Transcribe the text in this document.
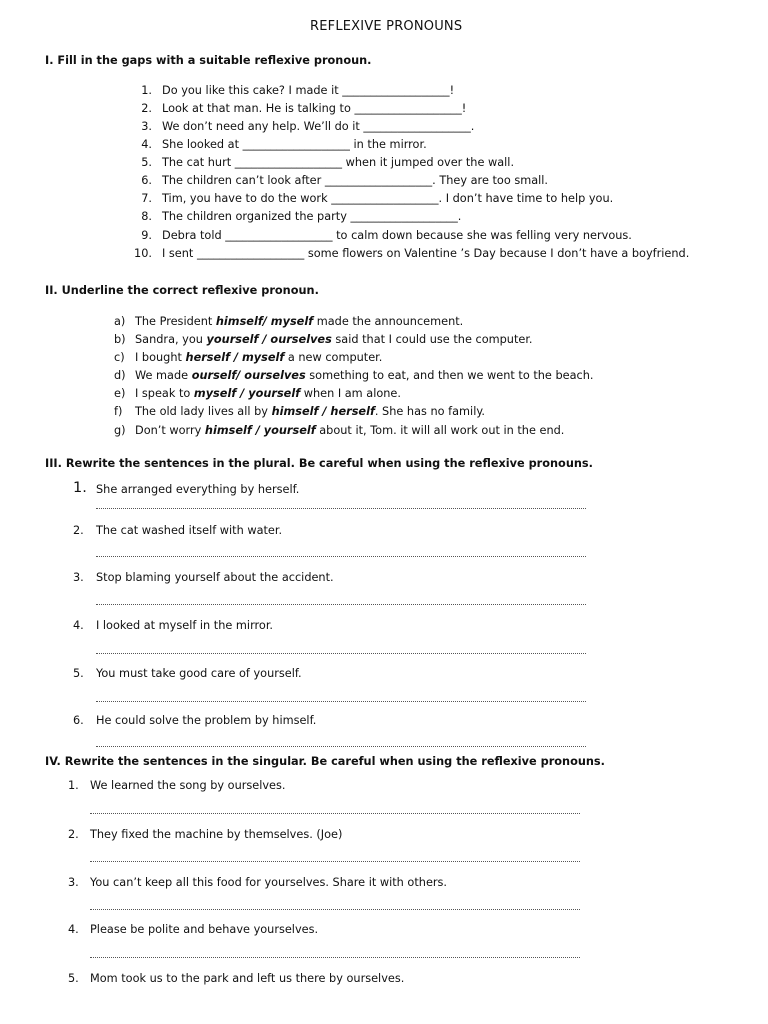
REFLEXIVE PRONOUNS
I. Fill in the gaps with a suitable reflexive pronoun.
1. Do you like this cake? I made it ___________________!
2. Look at that man. He is talking to ___________________!
3. We don’t need any help. We’ll do it ___________________.
4. She looked at ___________________ in the mirror.
5. The cat hurt ___________________ when it jumped over the wall.
6. The children can’t look after ___________________. They are too small.
7. Tim, you have to do the work ___________________. I don’t have time to help you.
8. The children organized the party ___________________.
9. Debra told ___________________ to calm down because she was felling very nervous.
10. I sent ___________________ some flowers on Valentine ’s Day because I don’t have a boyfriend.
II. Underline the correct reflexive pronoun.
a) The President himself/ myself made the announcement.
b) Sandra, you yourself / ourselves said that I could use the computer.
c) I bought herself / myself a new computer.
d) We made ourself/ ourselves something to eat, and then we went to the beach.
e) I speak to myself / yourself when I am alone.
f) The old lady lives all by himself / herself. She has no family.
g) Don’t worry himself / yourself about it, Tom. it will all work out in the end.
III. Rewrite the sentences in the plural. Be careful when using the reflexive pronouns.
1. She arranged everything by herself.
2. The cat washed itself with water.
3. Stop blaming yourself about the accident.
4. I looked at myself in the mirror.
5. You must take good care of yourself.
6. He could solve the problem by himself.
IV. Rewrite the sentences in the singular. Be careful when using the reflexive pronouns.
1. We learned the song by ourselves.
2. They fixed the machine by themselves. (Joe)
3. You can’t keep all this food for yourselves. Share it with others.
4. Please be polite and behave yourselves.
5. Mom took us to the park and left us there by ourselves.
